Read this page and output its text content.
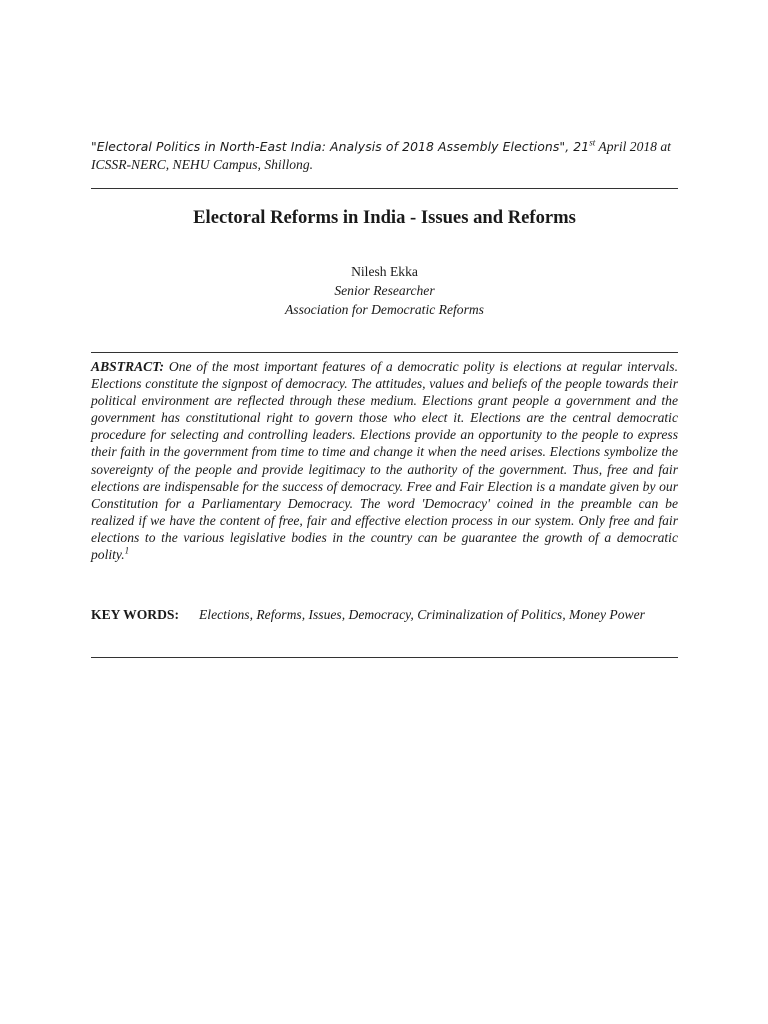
"Electoral Politics in North-East India: Analysis of 2018 Assembly Elections", 21st April 2018 at ICSSR-NERC, NEHU Campus, Shillong.
Electoral Reforms in India - Issues and Reforms
Nilesh Ekka
Senior Researcher
Association for Democratic Reforms
ABSTRACT: One of the most important features of a democratic polity is elections at regular intervals. Elections constitute the signpost of democracy. The attitudes, values and beliefs of the people towards their political environment are reflected through these medium. Elections grant people a government and the government has constitutional right to govern those who elect it. Elections are the central democratic procedure for selecting and controlling leaders. Elections provide an opportunity to the people to express their faith in the government from time to time and change it when the need arises. Elections symbolize the sovereignty of the people and provide legitimacy to the authority of the government. Thus, free and fair elections are indispensable for the success of democracy. Free and Fair Election is a mandate given by our Constitution for a Parliamentary Democracy. The word 'Democracy' coined in the preamble can be realized if we have the content of free, fair and effective election process in our system. Only free and fair elections to the various legislative bodies in the country can be guarantee the growth of a democratic polity.$^1$
KEY WORDS: Elections, Reforms, Issues, Democracy, Criminalization of Politics, Money Power
